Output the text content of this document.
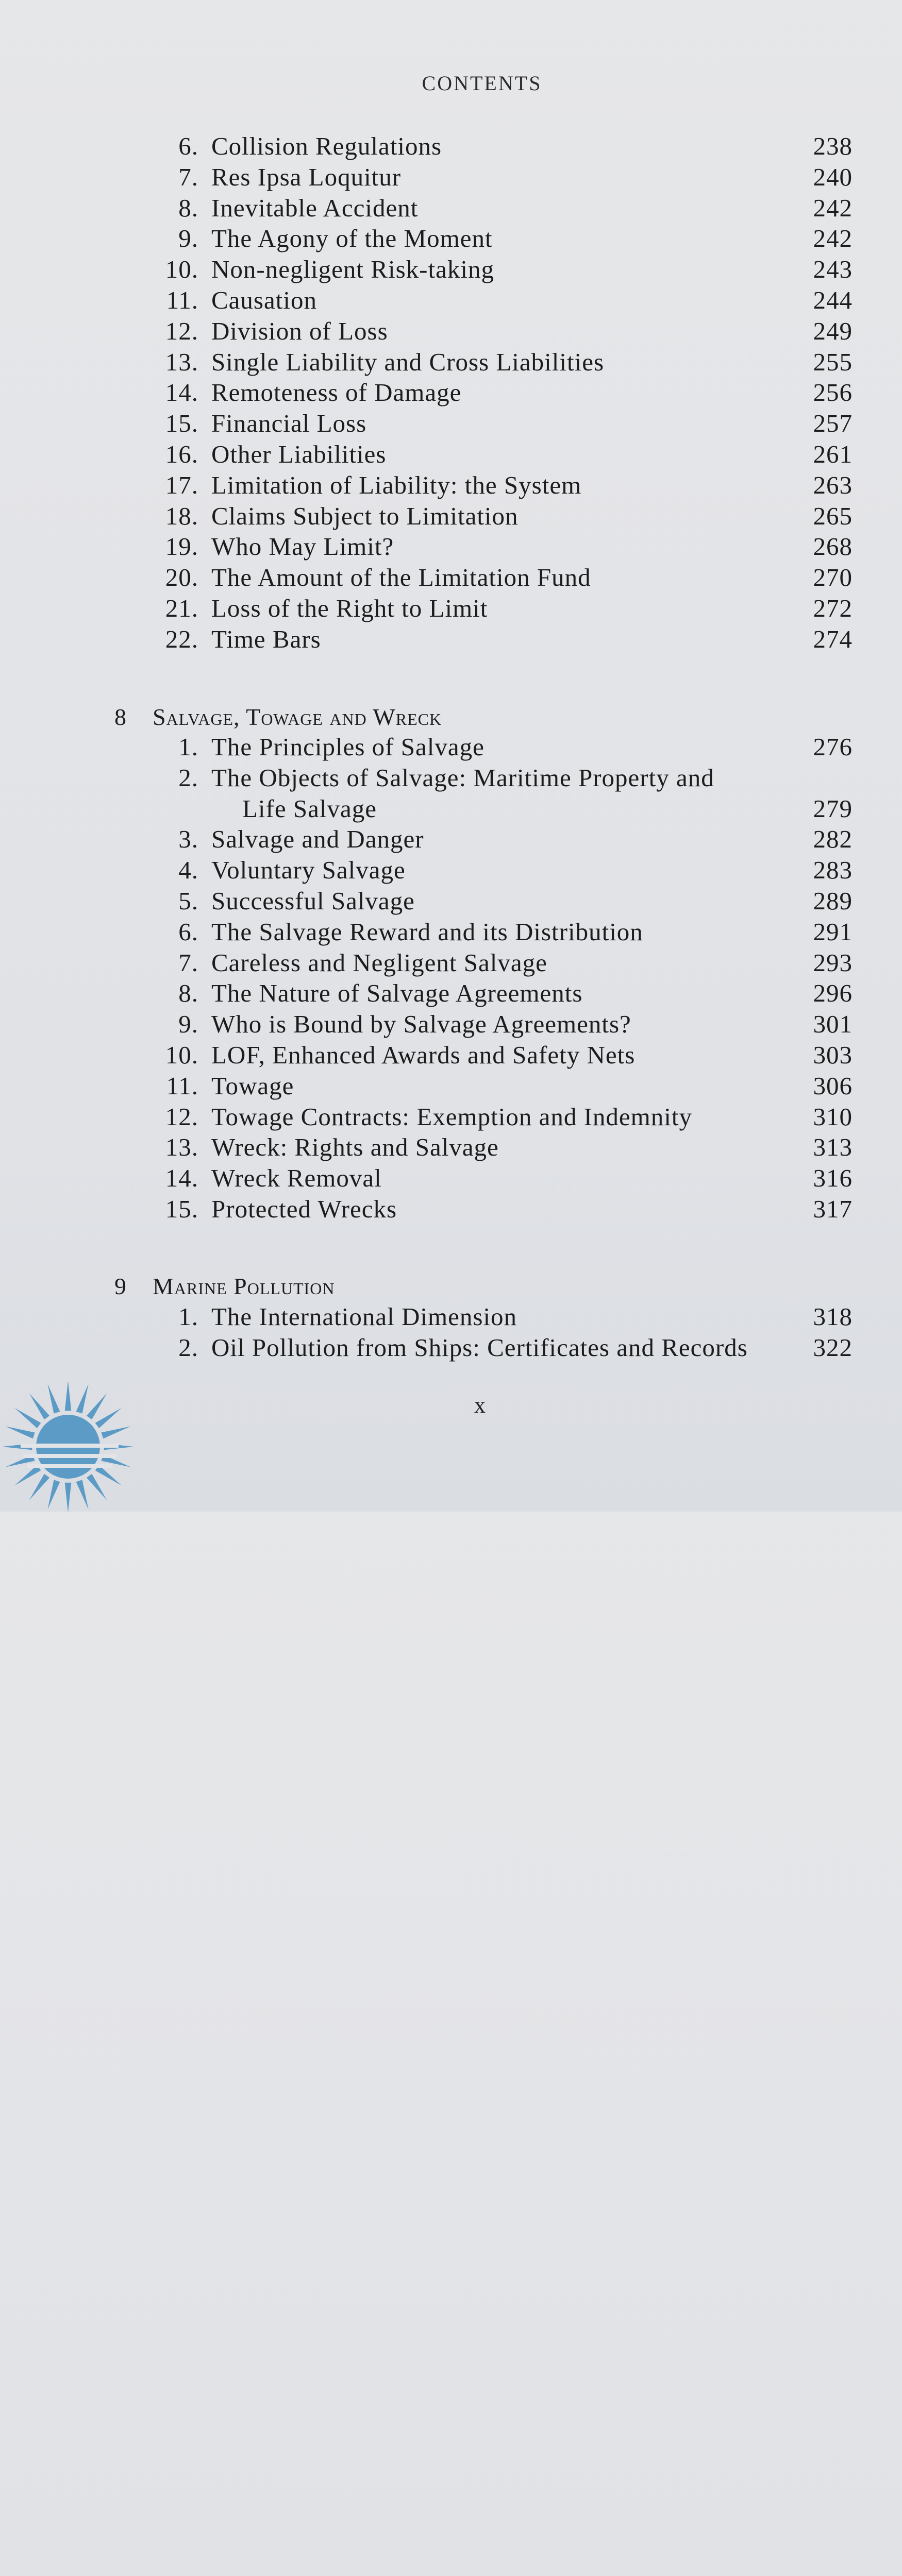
CONTENTS
6. Collision Regulations	238
7. Res Ipsa Loquitur	240
8. Inevitable Accident	242
9. The Agony of the Moment	242
10. Non-negligent Risk-taking	243
11. Causation	244
12. Division of Loss	249
13. Single Liability and Cross Liabilities	255
14. Remoteness of Damage	256
15. Financial Loss	257
16. Other Liabilities	261
17. Limitation of Liability: the System	263
18. Claims Subject to Limitation	265
19. Who May Limit?	268
20. The Amount of the Limitation Fund	270
21. Loss of the Right to Limit	272
22. Time Bars	274
8 Salvage, Towage and Wreck
1. The Principles of Salvage	276
2. The Objects of Salvage: Maritime Property and
Life Salvage	279
3. Salvage and Danger	282
4. Voluntary Salvage	283
5. Successful Salvage	289
6. The Salvage Reward and its Distribution	291
7. Careless and Negligent Salvage	293
8. The Nature of Salvage Agreements	296
9. Who is Bound by Salvage Agreements?	301
10. LOF, Enhanced Awards and Safety Nets	303
11. Towage	306
12. Towage Contracts: Exemption and Indemnity	310
13. Wreck: Rights and Salvage	313
14. Wreck Removal	316
15. Protected Wrecks	317
9 Marine Pollution
1. The International Dimension	318
2. Oil Pollution from Ships: Certificates and Records	322
x
